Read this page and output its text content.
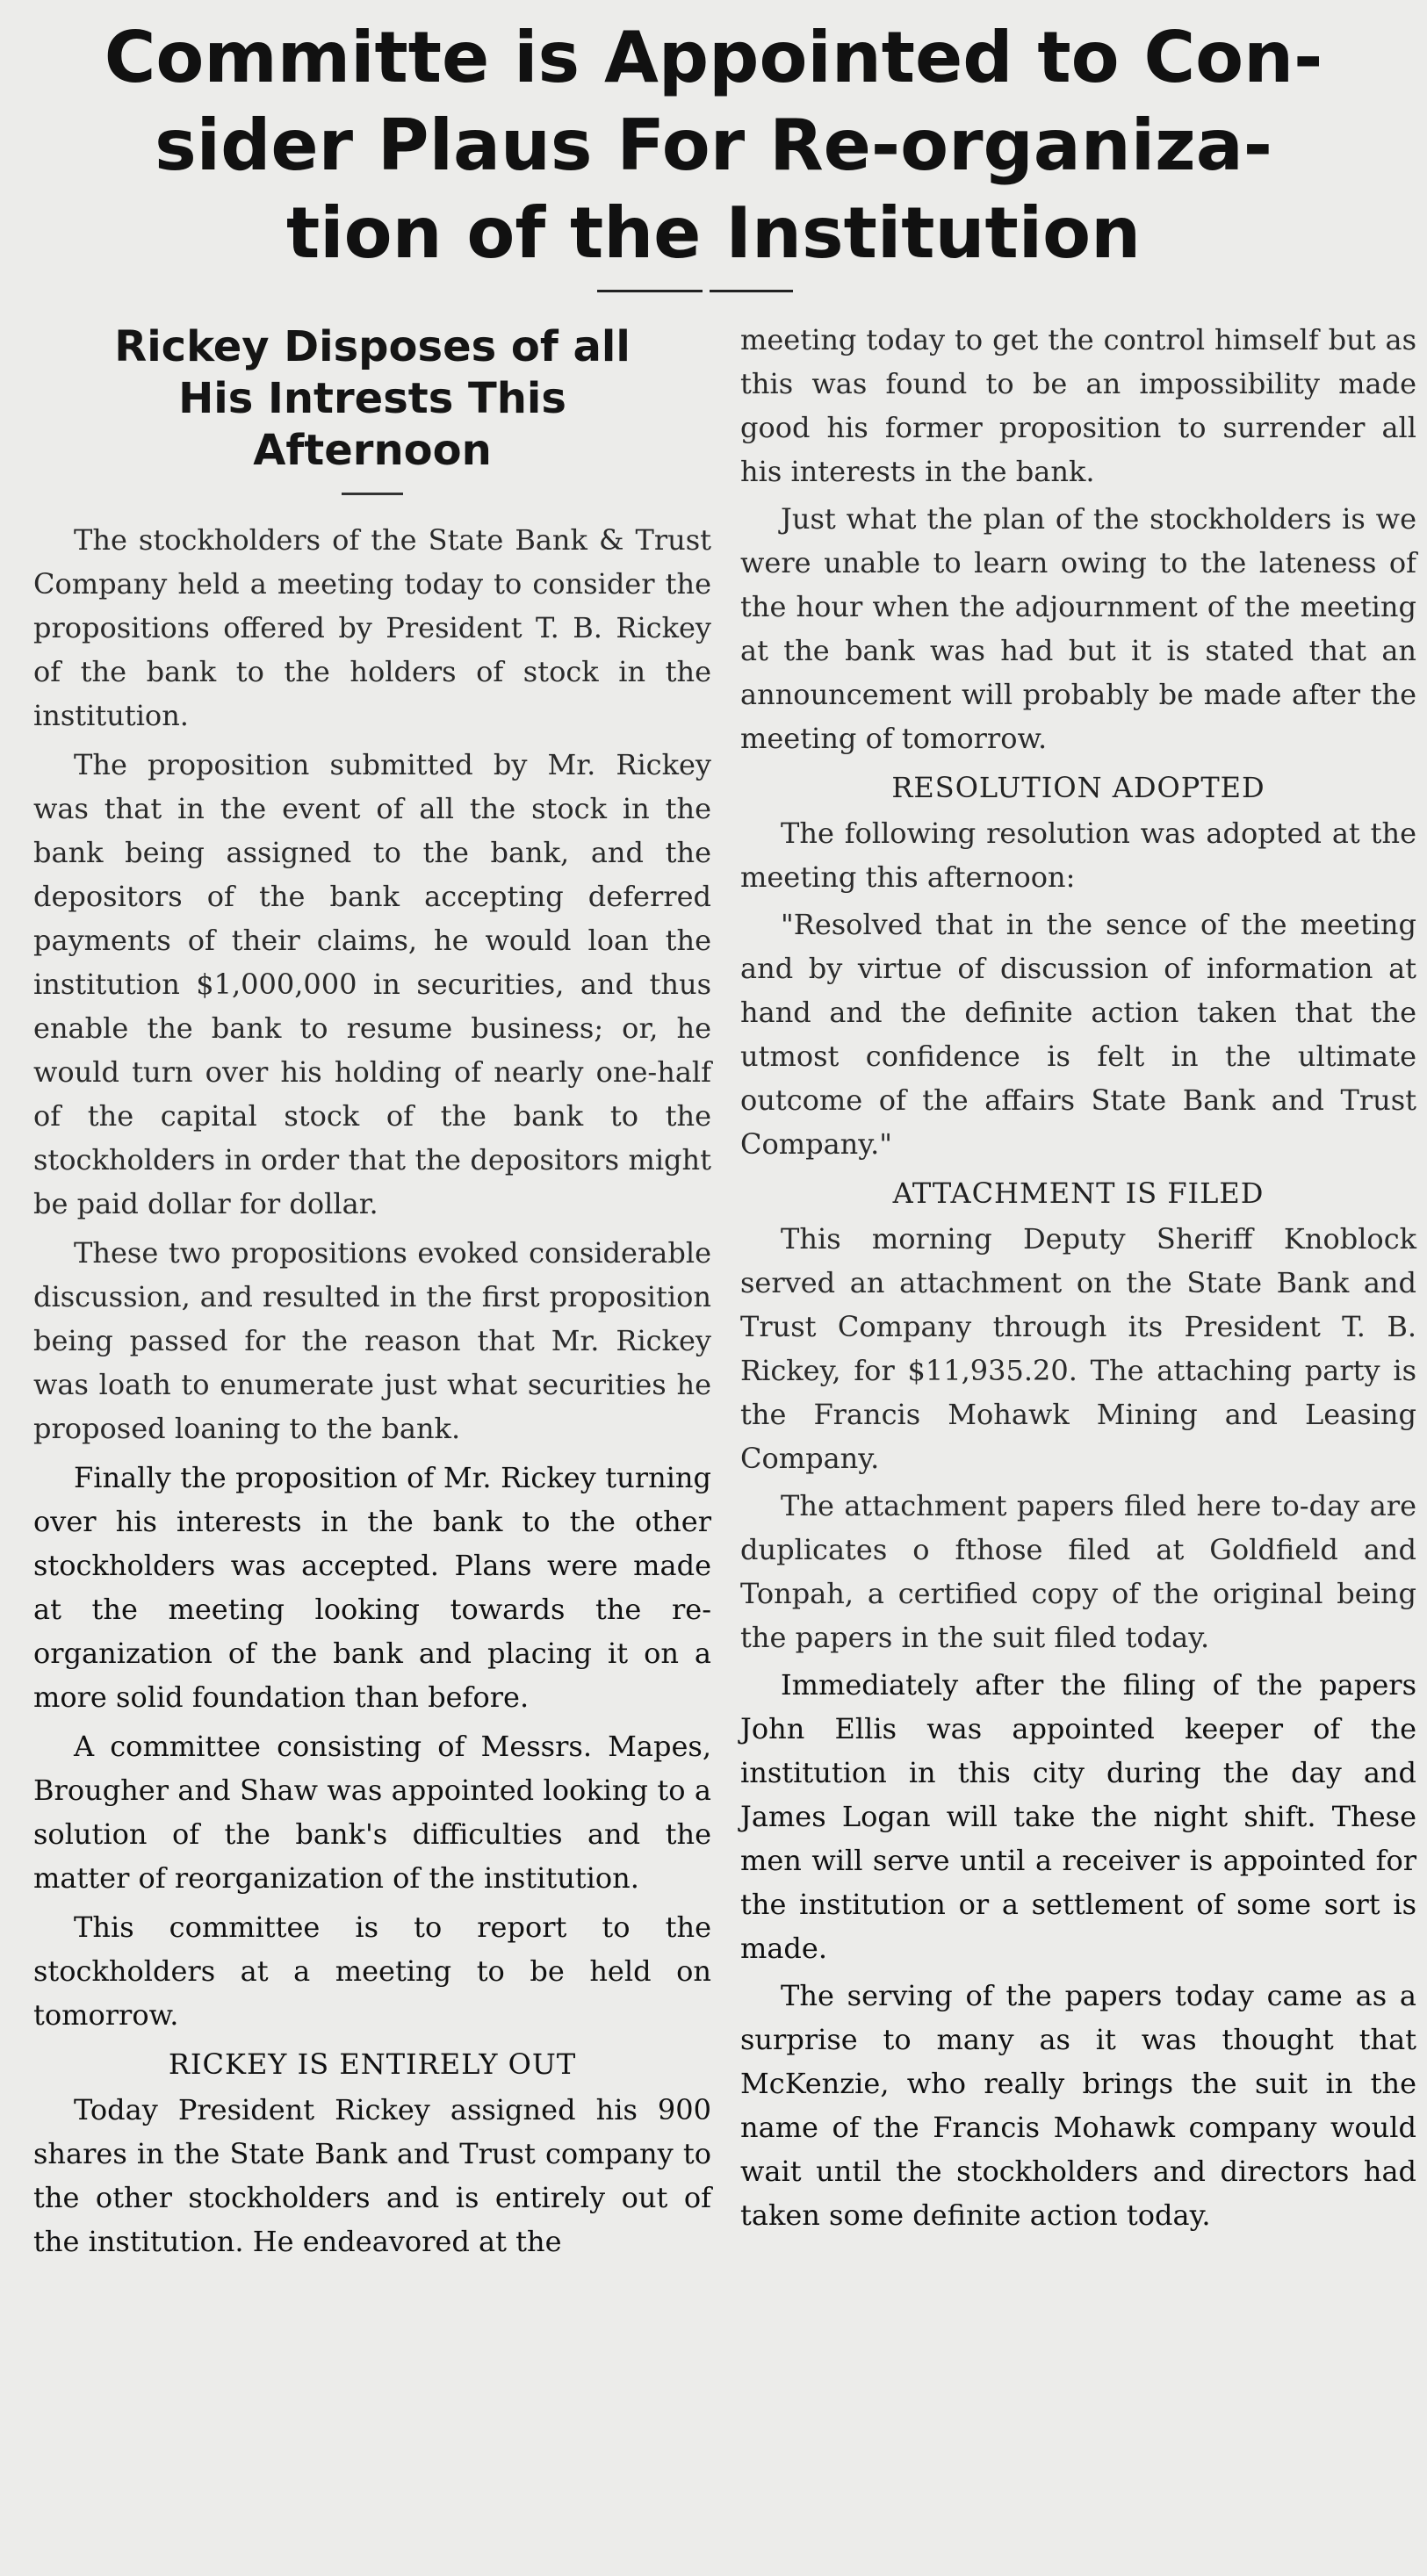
Committe is Appointed to Con-
sider Plaus For Re-organiza-
tion of the Institution
Rickey Disposes of all
His Intrests This
Afternoon

The stockholders of the State Bank & Trust Company held a meeting today to consider the propositions offered by President T. B. Rickey of the bank to the holders of stock in the institution.

The proposition submitted by Mr. Rickey was that in the event of all the stock in the bank being assigned to the bank, and the depositors of the bank accepting deferred payments of their claims, he would loan the institution $1,000,000 in securities, and thus enable the bank to resume business; or, he would turn over his holding of nearly one-half of the capital stock of the bank to the stockholders in order that the depositors might be paid dollar for dollar.

These two propositions evoked considerable discussion, and resulted in the first proposition being passed for the reason that Mr. Rickey was loath to enumerate just what securities he proposed loaning to the bank.

Finally the proposition of Mr. Rickey turning over his interests in the bank to the other stockholders was accepted. Plans were made at the meeting looking towards the re-organization of the bank and placing it on a more solid foundation than before.

A committee consisting of Messrs. Mapes, Brougher and Shaw was appointed looking to a solution of the bank's difficulties and the matter of reorganization of the institution.

This committee is to report to the stockholders at a meeting to be held on tomorrow.

RICKEY IS ENTIRELY OUT

Today President Rickey assigned his 900 shares in the State Bank and Trust company to the other stockholders and is entirely out of the institution. He endeavored at the

meeting today to get the control himself but as this was found to be an impossibility made good his former proposition to surrender all his interests in the bank.

Just what the plan of the stockholders is we were unable to learn owing to the lateness of the hour when the adjournment of the meeting at the bank was had but it is stated that an announcement will probably be made after the meeting of tomorrow.

RESOLUTION ADOPTED

The following resolution was adopted at the meeting this afternoon:

"Resolved that in the sence of the meeting and by virtue of discussion of information at hand and the definite action taken that the utmost confidence is felt in the ultimate outcome of the affairs State Bank and Trust Company."

ATTACHMENT IS FILED

This morning Deputy Sheriff Knoblock served an attachment on the State Bank and Trust Company through its President T. B. Rickey, for $11,935.20. The attaching party is the Francis Mohawk Mining and Leasing Company.

The attachment papers filed here to-day are duplicates o fthose filed at Goldfield and Tonpah, a certified copy of the original being the papers in the suit filed today.

Immediately after the filing of the papers John Ellis was appointed keeper of the institution in this city during the day and James Logan will take the night shift. These men will serve until a receiver is appointed for the institution or a settlement of some sort is made.

The serving of the papers today came as a surprise to many as it was thought that McKenzie, who really brings the suit in the name of the Francis Mohawk company would wait until the stockholders and directors had taken some definite action today.
